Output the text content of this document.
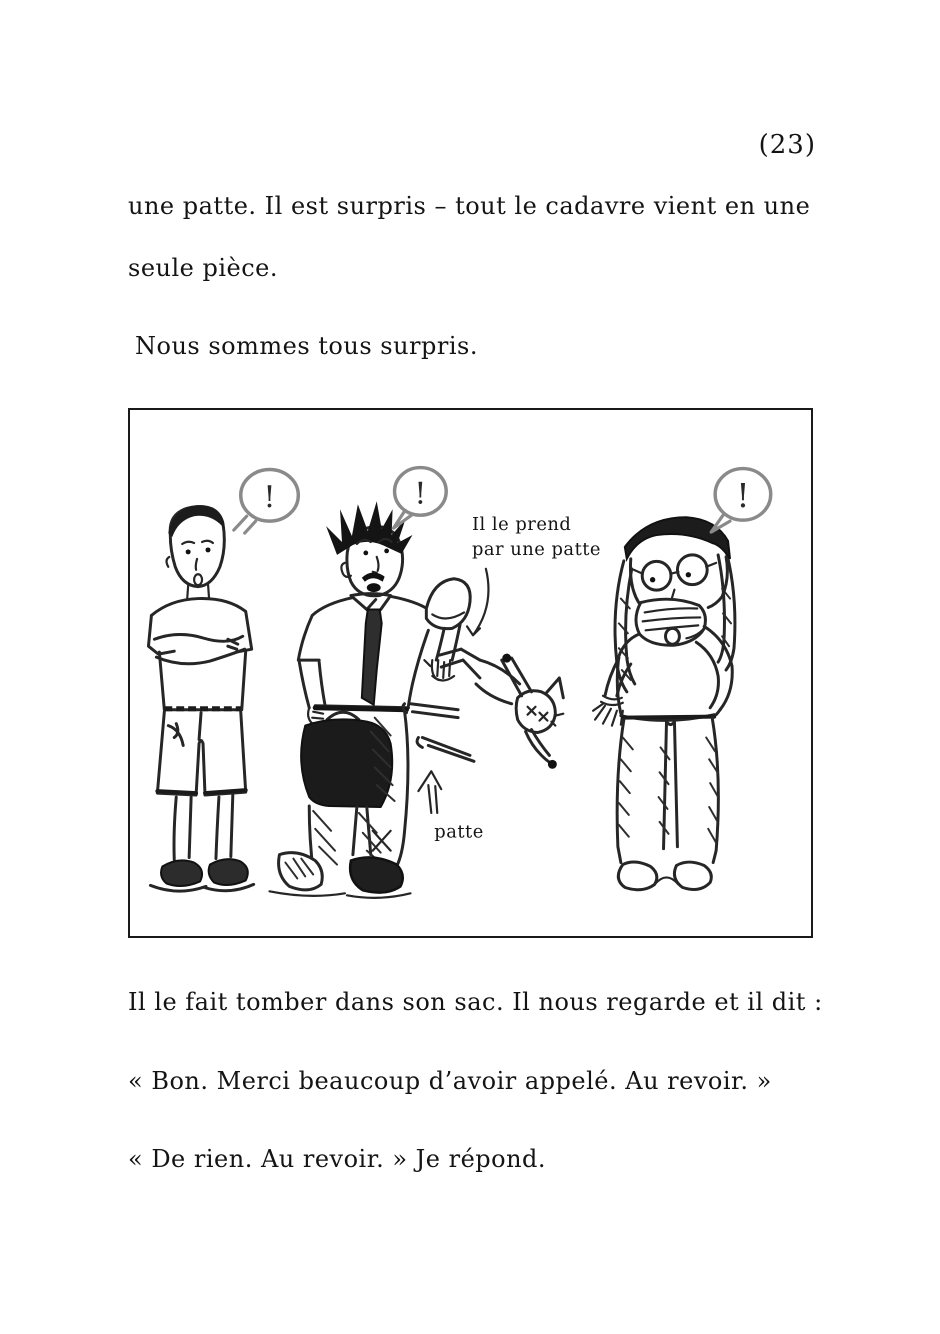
(23)
une patte. Il est surpris – tout le cadavre vient en une
seule pièce.
Nous sommes tous surpris.
Il le fait tomber dans son sac. Il nous regarde et il dit :
« Bon. Merci beaucoup d’avoir appelé. Au revoir. »
« De rien. Au revoir. » Je répond.
Il le prend
par une patte
patte
!	!	!
